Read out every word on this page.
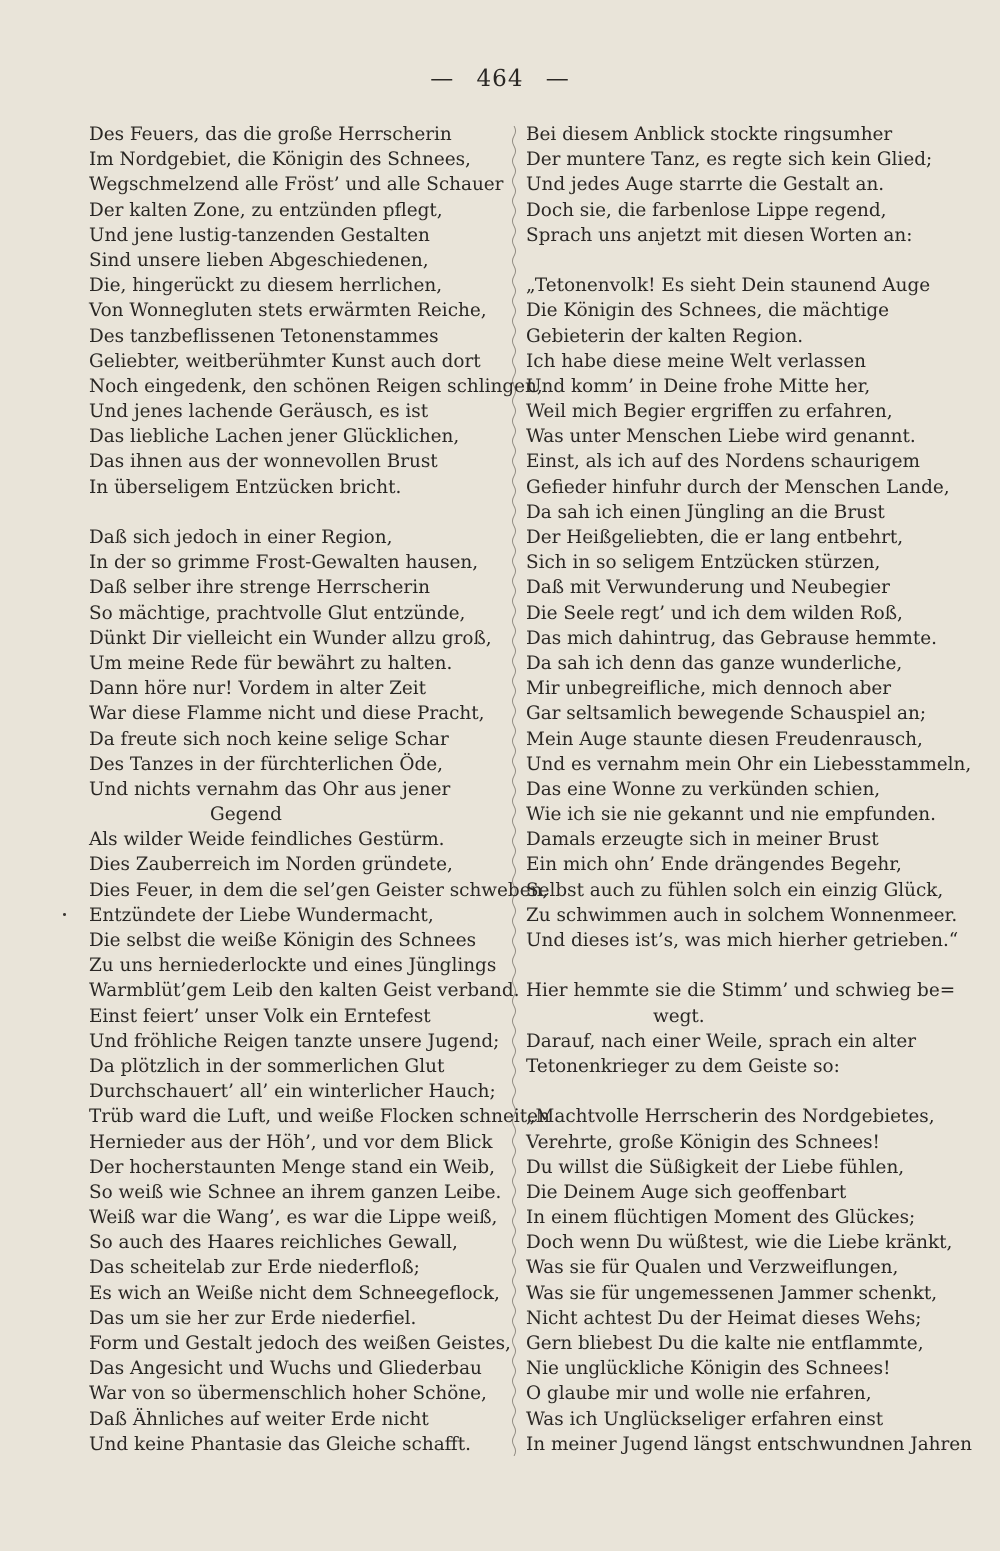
— 464 —
Des Feuers, das die große Herrscherin
Im Nordgebiet, die Königin des Schnees,
Wegschmelzend alle Fröst’ und alle Schauer
Der kalten Zone, zu entzünden pflegt,
Und jene lustig-tanzenden Gestalten
Sind unsere lieben Abgeschiedenen,
Die, hingerückt zu diesem herrlichen,
Von Wonnegluten stets erwärmten Reiche,
Des tanzbeflissenen Tetonenstammes
Geliebter, weitberühmter Kunst auch dort
Noch eingedenk, den schönen Reigen schlingen,
Und jenes lachende Geräusch, es ist
Das liebliche Lachen jener Glücklichen,
Das ihnen aus der wonnevollen Brust
In überseligem Entzücken bricht.
Daß sich jedoch in einer Region,
In der so grimme Frost-Gewalten hausen,
Daß selber ihre strenge Herrscherin
So mächtige, prachtvolle Glut entzünde,
Dünkt Dir vielleicht ein Wunder allzu groß,
Um meine Rede für bewährt zu halten.
Dann höre nur! Vordem in alter Zeit
War diese Flamme nicht und diese Pracht,
Da freute sich noch keine selige Schar
Des Tanzes in der fürchterlichen Öde,
Und nichts vernahm das Ohr aus jener
Gegend
Als wilder Weide feindliches Gestürm.
Dies Zauberreich im Norden gründete,
Dies Feuer, in dem die sel’gen Geister schweben,
Entzündete der Liebe Wundermacht,
Die selbst die weiße Königin des Schnees
Zu uns herniederlockte und eines Jünglings
Warmblüt’gem Leib den kalten Geist verband.
Einst feiert’ unser Volk ein Erntefest
Und fröhliche Reigen tanzte unsere Jugend;
Da plötzlich in der sommerlichen Glut
Durchschauert’ all’ ein winterlicher Hauch;
Trüb ward die Luft, und weiße Flocken schneiten
Hernieder aus der Höh’, und vor dem Blick
Der hocherstaunten Menge stand ein Weib,
So weiß wie Schnee an ihrem ganzen Leibe.
Weiß war die Wang’, es war die Lippe weiß,
So auch des Haares reichliches Gewall,
Das scheitelab zur Erde niederfloß;
Es wich an Weiße nicht dem Schneegeflock,
Das um sie her zur Erde niederfiel.
Form und Gestalt jedoch des weißen Geistes,
Das Angesicht und Wuchs und Gliederbau
War von so übermenschlich hoher Schöne,
Daß Ähnliches auf weiter Erde nicht
Und keine Phantasie das Gleiche schafft.
Bei diesem Anblick stockte ringsumher
Der muntere Tanz, es regte sich kein Glied;
Und jedes Auge starrte die Gestalt an.
Doch sie, die farbenlose Lippe regend,
Sprach uns anjetzt mit diesen Worten an:
„Tetonenvolk! Es sieht Dein staunend Auge
Die Königin des Schnees, die mächtige
Gebieterin der kalten Region.
Ich habe diese meine Welt verlassen
Und komm’ in Deine frohe Mitte her,
Weil mich Begier ergriffen zu erfahren,
Was unter Menschen Liebe wird genannt.
Einst, als ich auf des Nordens schaurigem
Gefieder hinfuhr durch der Menschen Lande,
Da sah ich einen Jüngling an die Brust
Der Heißgeliebten, die er lang entbehrt,
Sich in so seligem Entzücken stürzen,
Daß mit Verwunderung und Neubegier
Die Seele regt’ und ich dem wilden Roß,
Das mich dahintrug, das Gebrause hemmte.
Da sah ich denn das ganze wunderliche,
Mir unbegreifliche, mich dennoch aber
Gar seltsamlich bewegende Schauspiel an;
Mein Auge staunte diesen Freudenrausch,
Und es vernahm mein Ohr ein Liebesstammeln,
Das eine Wonne zu verkünden schien,
Wie ich sie nie gekannt und nie empfunden.
Damals erzeugte sich in meiner Brust
Ein mich ohn’ Ende drängendes Begehr,
Selbst auch zu fühlen solch ein einzig Glück,
Zu schwimmen auch in solchem Wonnenmeer.
Und dieses ist’s, was mich hierher getrieben.“
Hier hemmte sie die Stimm’ und schwieg be=
wegt.
Darauf, nach einer Weile, sprach ein alter
Tetonenkrieger zu dem Geiste so:
„Machtvolle Herrscherin des Nordgebietes,
Verehrte, große Königin des Schnees!
Du willst die Süßigkeit der Liebe fühlen,
Die Deinem Auge sich geoffenbart
In einem flüchtigen Moment des Glückes;
Doch wenn Du wüßtest, wie die Liebe kränkt,
Was sie für Qualen und Verzweiflungen,
Was sie für ungemessenen Jammer schenkt,
Nicht achtest Du der Heimat dieses Wehs;
Gern bliebest Du die kalte nie entflammte,
Nie unglückliche Königin des Schnees!
O glaube mir und wolle nie erfahren,
Was ich Unglückseliger erfahren einst
In meiner Jugend längst entschwundnen Jahren
